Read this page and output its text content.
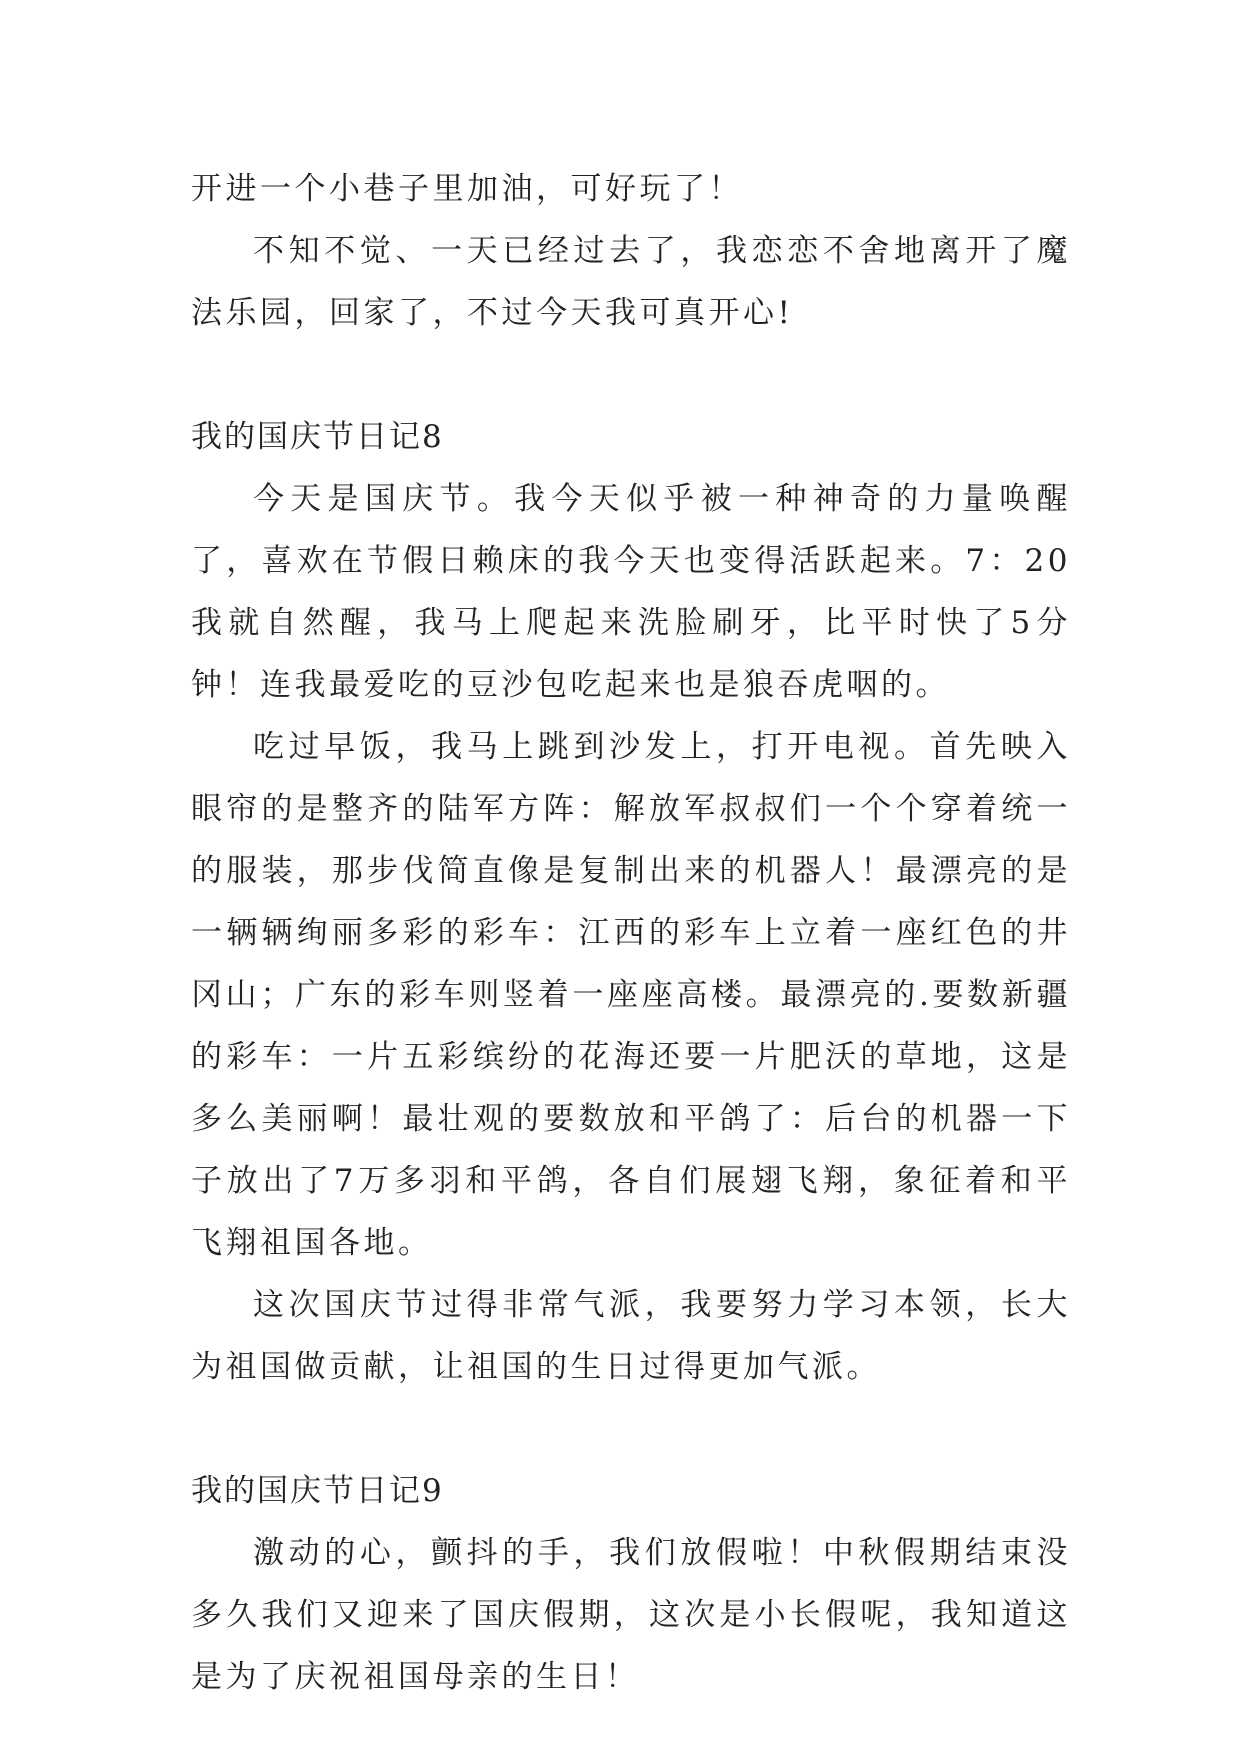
开进一个小巷子里加油，可好玩了！

不知不觉、一天已经过去了，我恋恋不舍地离开了魔法乐园，回家了，不过今天我可真开心!

我的国庆节日记8

今天是国庆节。我今天似乎被一种神奇的力量唤醒了，喜欢在节假日赖床的我今天也变得活跃起来。7：20我就自然醒，我马上爬起来洗脸刷牙，比平时快了5分钟！连我最爱吃的豆沙包吃起来也是狼吞虎咽的。

吃过早饭，我马上跳到沙发上，打开电视。首先映入眼帘的是整齐的陆军方阵：解放军叔叔们一个个穿着统一的服装，那步伐简直像是复制出来的机器人！最漂亮的是一辆辆绚丽多彩的彩车：江西的彩车上立着一座红色的井冈山；广东的彩车则竖着一座座高楼。最漂亮的.要数新疆的彩车：一片五彩缤纷的花海还要一片肥沃的草地，这是多么美丽啊！最壮观的要数放和平鸽了：后台的机器一下子放出了7万多羽和平鸽，各自们展翅飞翔，象征着和平飞翔祖国各地。

这次国庆节过得非常气派，我要努力学习本领，长大为祖国做贡献，让祖国的生日过得更加气派。

我的国庆节日记9

激动的心，颤抖的手，我们放假啦！中秋假期结束没多久我们又迎来了国庆假期，这次是小长假呢，我知道这是为了庆祝祖国母亲的生日！
